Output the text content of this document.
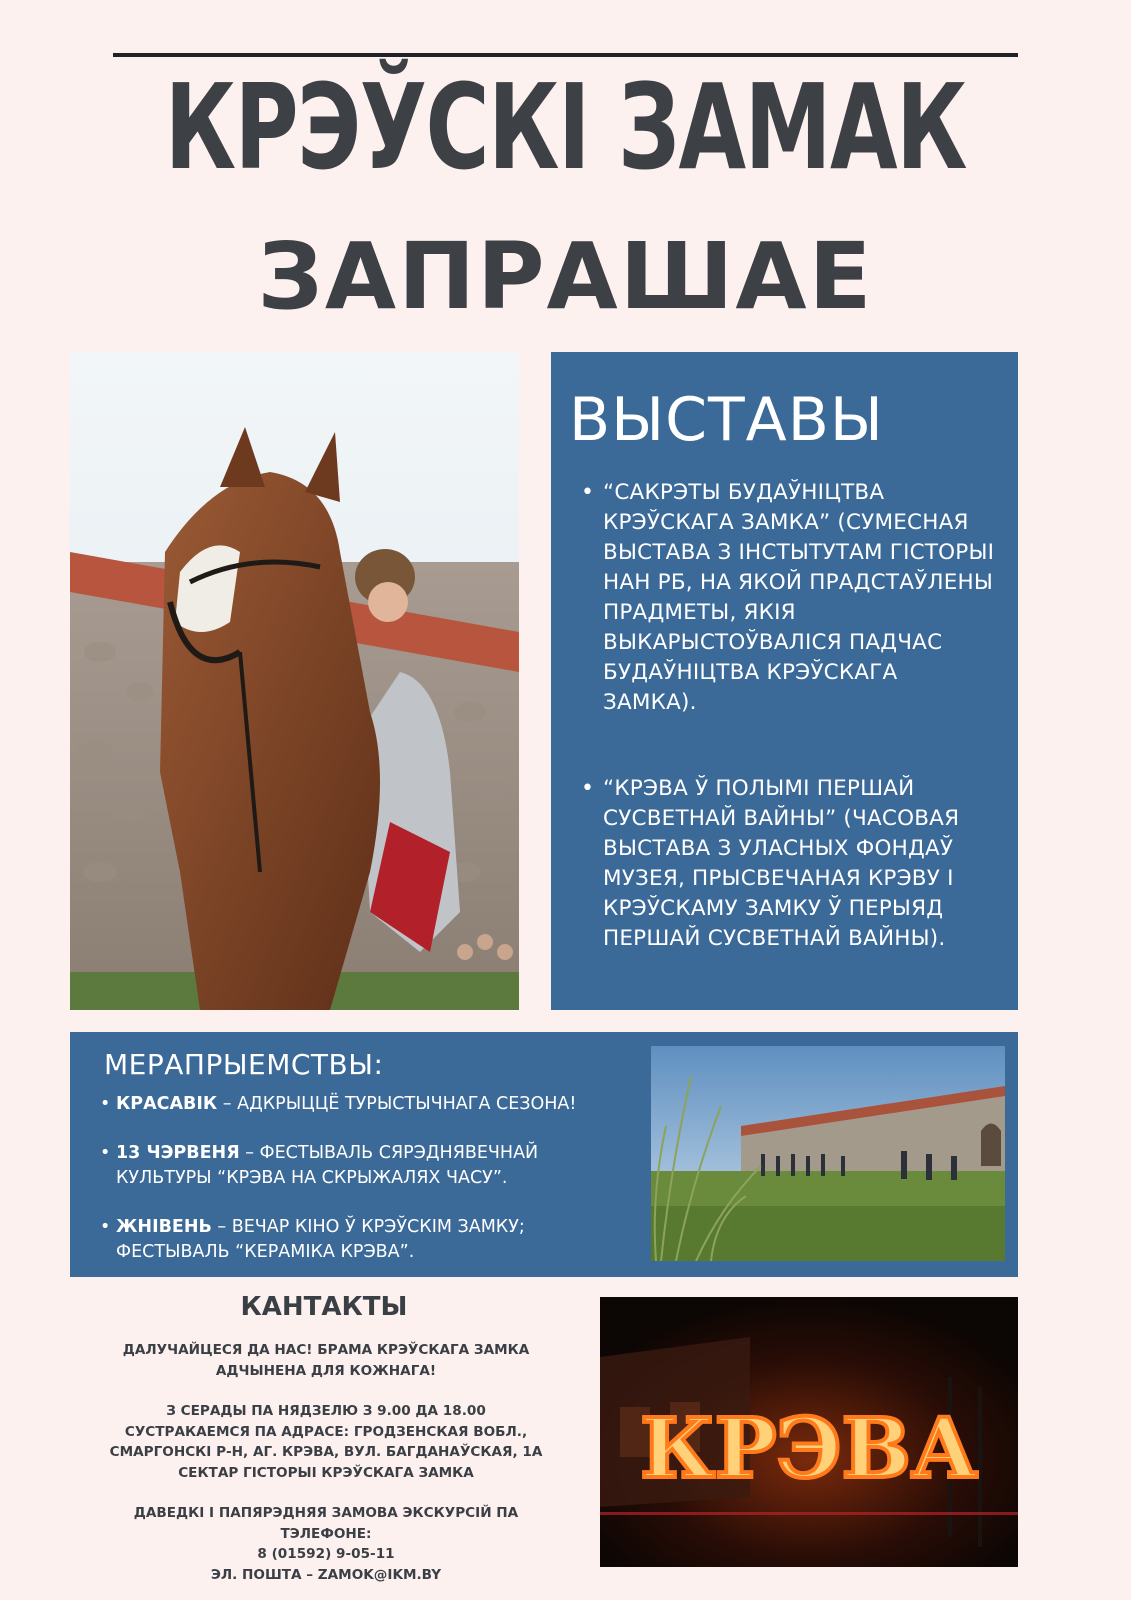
КРЭЎСКІ ЗАМАК
ЗАПРАШАЕ
ВЫСТАВЫ
• “САКРЭТЫ БУДАЎНІЦТВА КРЭЎСКАГА ЗАМКА” (СУМЕСНАЯ ВЫСТАВА З ІНСТЫТУТАМ ГІСТОРЫІ НАН РБ, НА ЯКОЙ ПРАДСТАЎЛЕНЫ ПРАДМЕТЫ, ЯКІЯ ВЫКАРЫСТОЎВАЛІСЯ ПАДЧАС БУДАЎНІЦТВА КРЭЎСКАГА ЗАМКА).
• “КРЭВА Ў ПОЛЫМІ ПЕРШАЙ СУСВЕТНАЙ ВАЙНЫ” (ЧАСОВАЯ ВЫСТАВА З УЛАСНЫХ ФОНДАЎ МУЗЕЯ, ПРЫСВЕЧАНАЯ КРЭВУ І КРЭЎСКАМУ ЗАМКУ Ў ПЕРЫЯД ПЕРШАЙ СУСВЕТНАЙ ВАЙНЫ).
МЕРАПРЫЕМСТВЫ:
• КРАСАВІК – АДКРЫЦЦЁ ТУРЫСТЫЧНАГА СЕЗОНА!
• 13 ЧЭРВЕНЯ – ФЕСТЫВАЛЬ СЯРЭДНЯВЕЧНАЙ КУЛЬТУРЫ “КРЭВА НА СКРЫЖАЛЯХ ЧАСУ”.
• ЖНІВЕНЬ – ВЕЧАР КІНО Ў КРЭЎСКІМ ЗАМКУ; ФЕСТЫВАЛЬ “КЕРАМІКА КРЭВА”.
КАНТАКТЫ

ДАЛУЧАЙЦЕСЯ ДА НАС! БРАМА КРЭЎСКАГА ЗАМКА АДЧЫНЕНА ДЛЯ КОЖНАГА!

З СЕРАДЫ ПА НЯДЗЕЛЮ З 9.00 ДА 18.00
СУСТРАКАЕМСЯ ПА АДРАСЕ: ГРОДЗЕНСКАЯ ВОБЛ., СМАРГОНСКІ Р-Н, АГ. КРЭВА, ВУЛ. БАГДАНАЎСКАЯ, 1А
СЕКТАР ГІСТОРЫІ КРЭЎСКАГА ЗАМКА

ДАВЕДКІ І ПАПЯРЭДНЯЯ ЗАМОВА ЭКСКУРСІЙ ПА ТЭЛЕФОНЕ:
8 (01592) 9-05-11
ЭЛ. ПОШТА – ZAMOK@IKM.BY

КРЭВА
